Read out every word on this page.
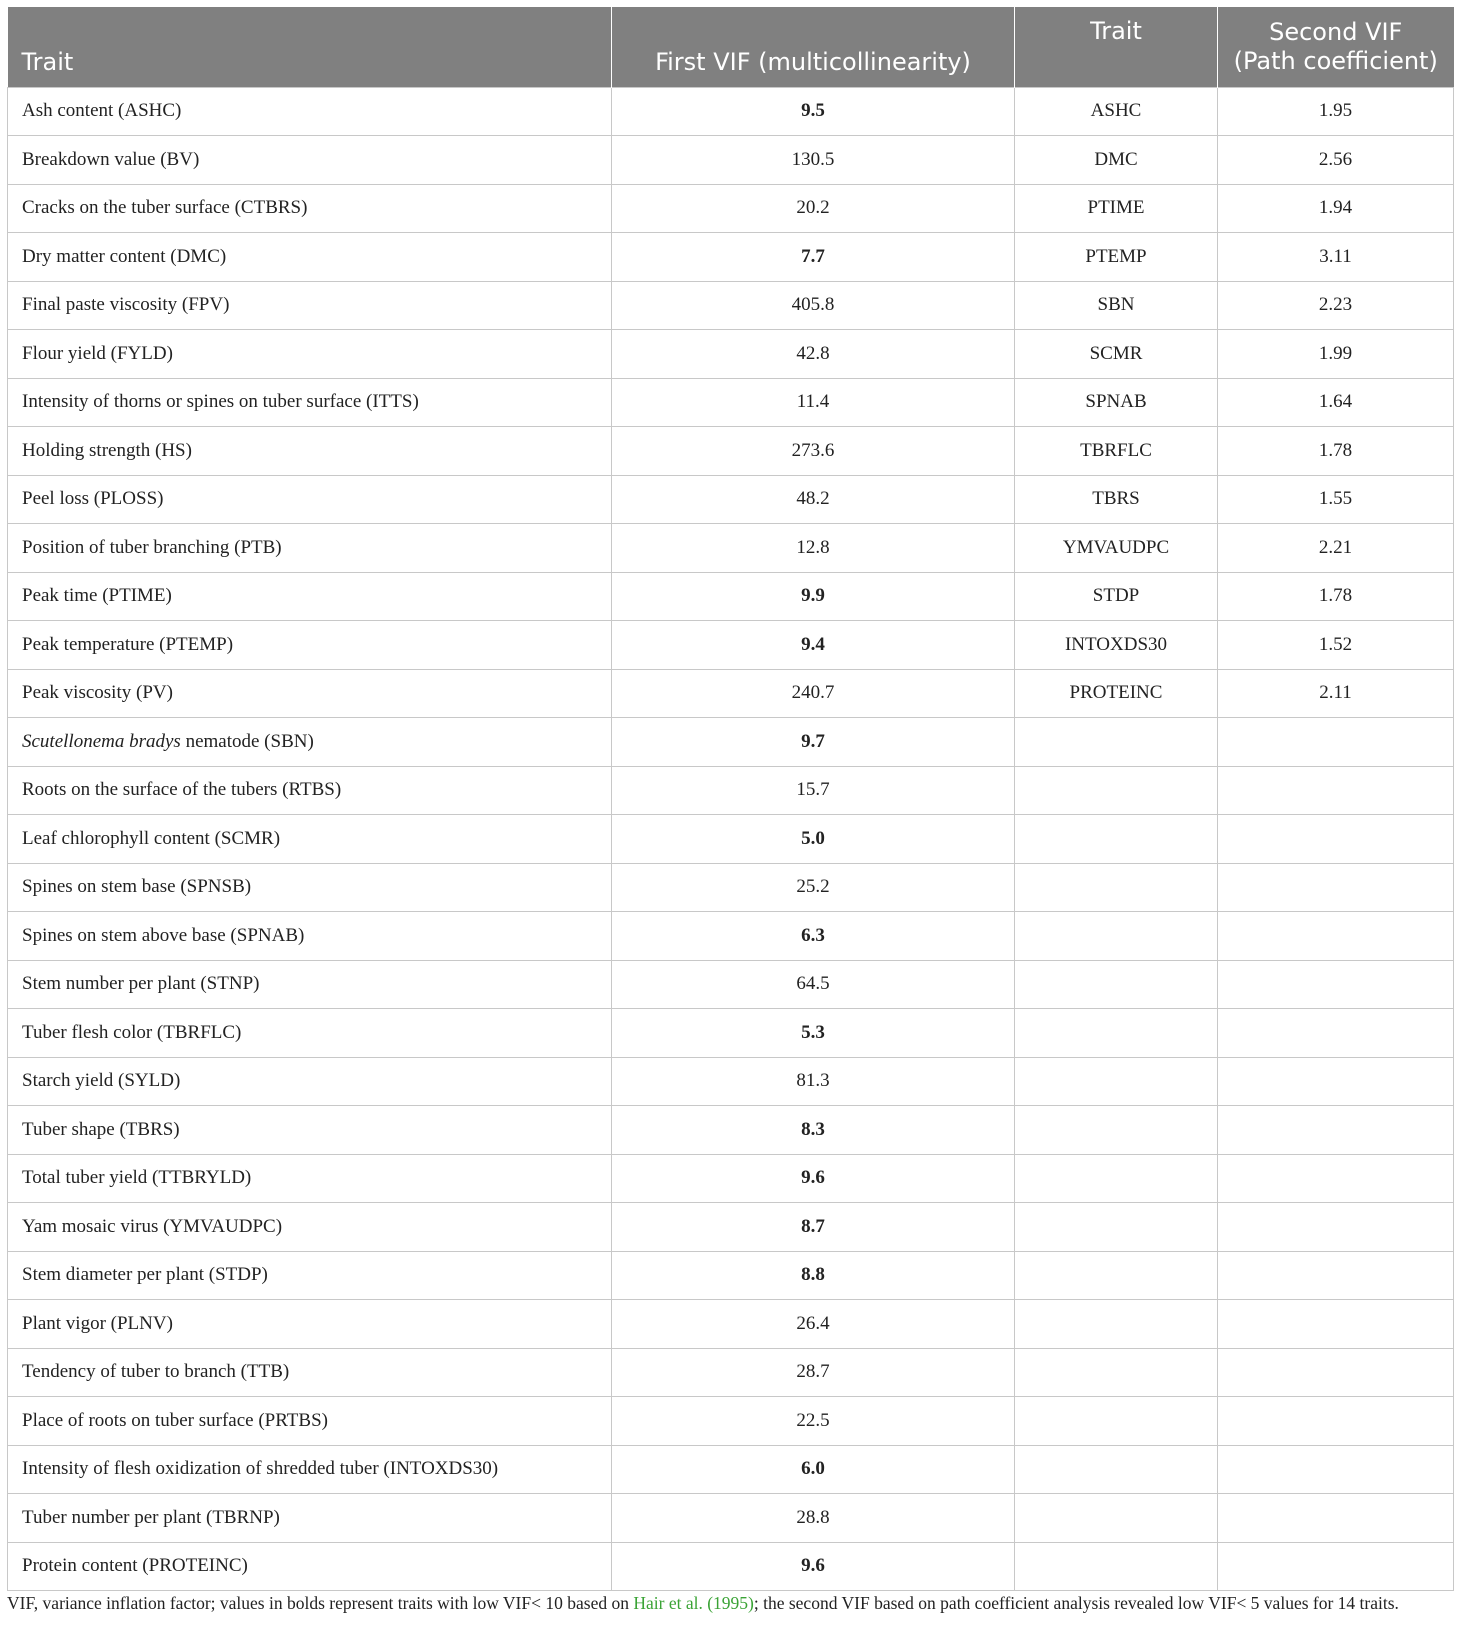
Trait	First VIF (multicollinearity)	Trait	Second VIF
(Path coefficient)

Ash content (ASHC)	9.5	ASHC	1.95
Breakdown value (BV)	130.5	DMC	2.56
Cracks on the tuber surface (CTBRS)	20.2	PTIME	1.94
Dry matter content (DMC)	7.7	PTEMP	3.11
Final paste viscosity (FPV)	405.8	SBN	2.23
Flour yield (FYLD)	42.8	SCMR	1.99
Intensity of thorns or spines on tuber surface (ITTS)	11.4	SPNAB	1.64
Holding strength (HS)	273.6	TBRFLC	1.78
Peel loss (PLOSS)	48.2	TBRS	1.55
Position of tuber branching (PTB)	12.8	YMVAUDPC	2.21
Peak time (PTIME)	9.9	STDP	1.78
Peak temperature (PTEMP)	9.4	INTOXDS30	1.52
Peak viscosity (PV)	240.7	PROTEINC	2.11
Scutellonema bradys nematode (SBN)	9.7		
Roots on the surface of the tubers (RTBS)	15.7		
Leaf chlorophyll content (SCMR)	5.0		
Spines on stem base (SPNSB)	25.2		
Spines on stem above base (SPNAB)	6.3		
Stem number per plant (STNP)	64.5		
Tuber flesh color (TBRFLC)	5.3		
Starch yield (SYLD)	81.3		
Tuber shape (TBRS)	8.3		
Total tuber yield (TTBRYLD)	9.6		
Yam mosaic virus (YMVAUDPC)	8.7		
Stem diameter per plant (STDP)	8.8		
Plant vigor (PLNV)	26.4		
Tendency of tuber to branch (TTB)	28.7		
Place of roots on tuber surface (PRTBS)	22.5		
Intensity of flesh oxidization of shredded tuber (INTOXDS30)	6.0		
Tuber number per plant (TBRNP)	28.8		
Protein content (PROTEINC)	9.6		
VIF, variance inflation factor; values in bolds represent traits with low VIF< 10 based on Hair et al. (1995); the second VIF based on path coefficient analysis revealed low VIF< 5 values for 14 traits.
